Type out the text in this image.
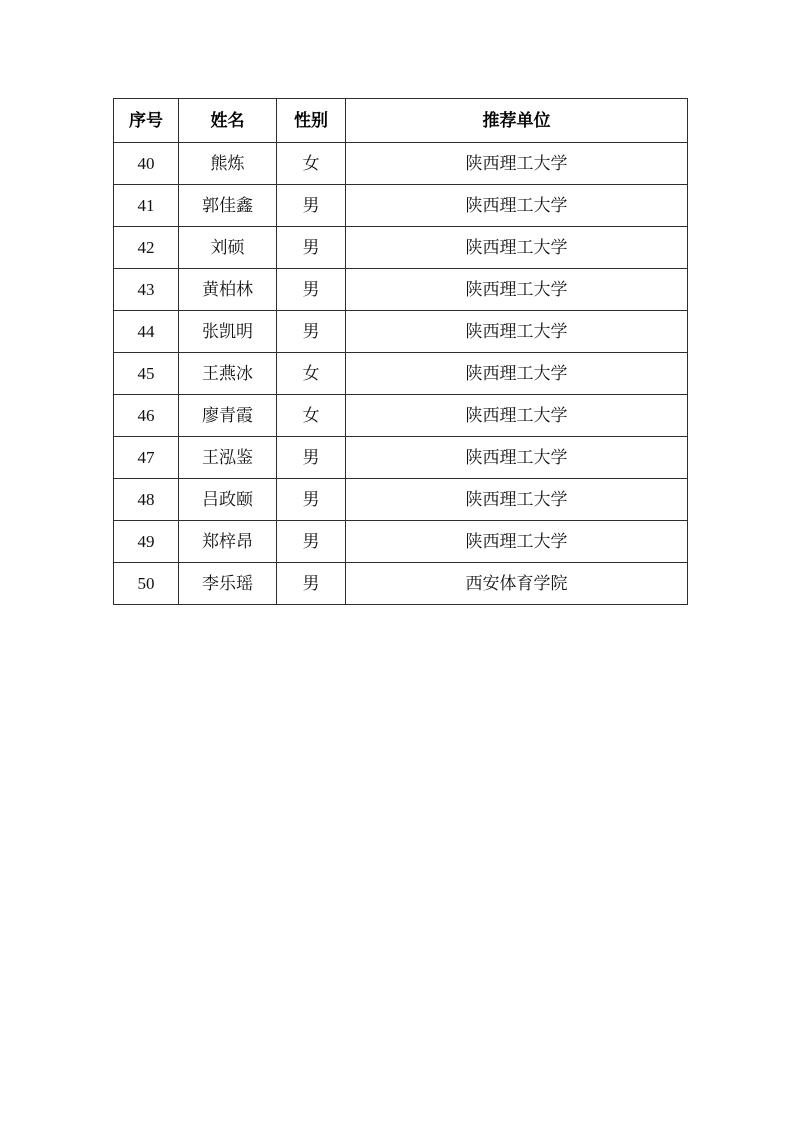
序号	姓名	性别	推荐单位
40	熊炼	女	陕西理工大学
41	郭佳鑫	男	陕西理工大学
42	刘硕	男	陕西理工大学
43	黄柏林	男	陕西理工大学
44	张凯明	男	陕西理工大学
45	王燕冰	女	陕西理工大学
46	廖青霞	女	陕西理工大学
47	王泓鉴	男	陕西理工大学
48	吕政颐	男	陕西理工大学
49	郑梓昂	男	陕西理工大学
50	李乐瑶	男	西安体育学院
